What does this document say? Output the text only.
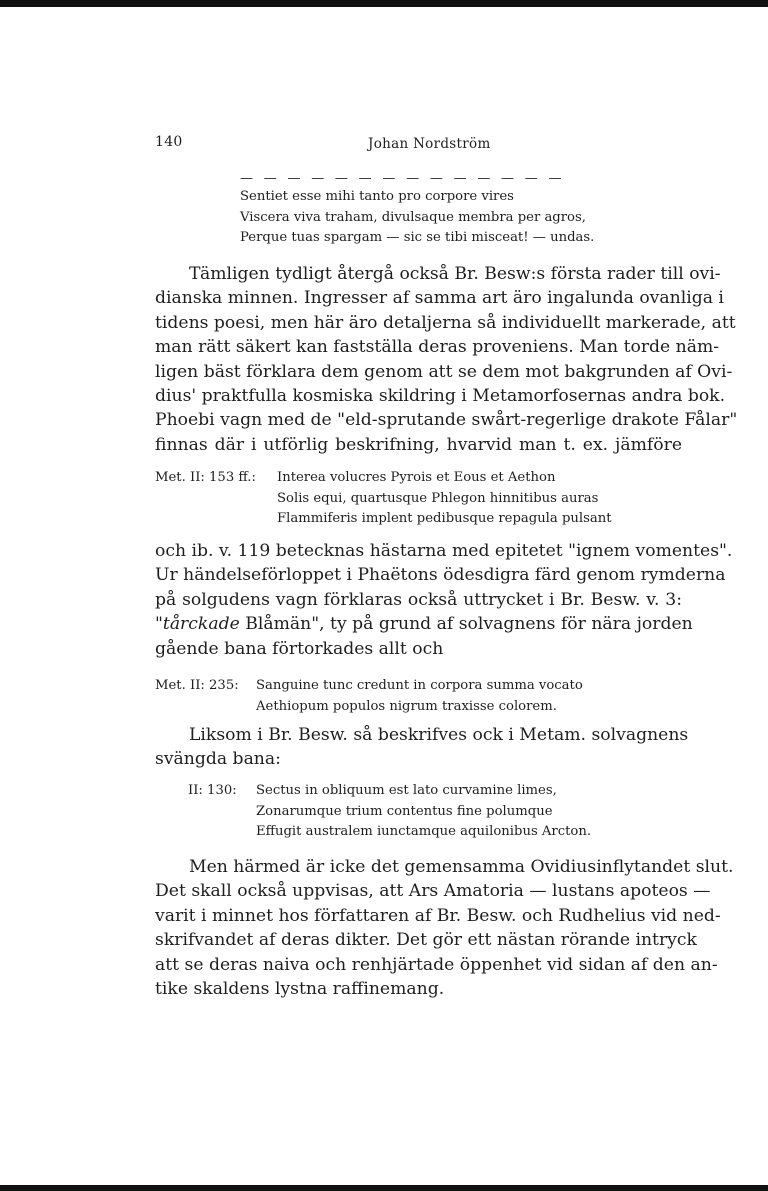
140	Johan Nordström
— — — — — — — — — — — — — —
Sentiet esse mihi tanto pro corpore vires
Viscera viva traham, divulsaque membra per agros,
Perque tuas spargam — sic se tibi misceat! — undas.
Tämligen tydligt återgå också Br. Besw:s första rader till ovi-
dianska minnen. Ingresser af samma art äro ingalunda ovanliga i
tidens poesi, men här äro detaljerna så individuellt markerade, att
man rätt säkert kan fastställa deras proveniens. Man torde näm-
ligen bäst förklara dem genom att se dem mot bakgrunden af Ovi-
dius' praktfulla kosmiska skildring i Metamorfosernas andra bok.
Phoebi vagn med de "eld-sprutande swårt-regerlige drakote Fålar"
finnas där i utförlig beskrifning, hvarvid man t. ex. jämföre
Met. II: 153 ff.:	Interea volucres Pyrois et Eous et Aethon
Solis equi, quartusque Phlegon hinnitibus auras
Flammiferis implent pedibusque repagula pulsant
och ib. v. 119 betecknas hästarna med epitetet "ignem vomentes".
Ur händelseförloppet i Phaëtons ödesdigra färd genom rymderna
på solgudens vagn förklaras också uttrycket i Br. Besw. v. 3:
"tårckade Blåmän", ty på grund af solvagnens för nära jorden
gående bana förtorkades allt och
Met. II: 235:	Sanguine tunc credunt in corpora summa vocato
Aethiopum populos nigrum traxisse colorem.
Liksom i Br. Besw. så beskrifves ock i Metam. solvagnens
svängda bana:
II: 130:	Sectus in obliquum est lato curvamine limes,
Zonarumque trium contentus fine polumque
Effugit australem iunctamque aquilonibus Arcton.
Men härmed är icke det gemensamma Ovidiusinflytandet slut.
Det skall också uppvisas, att Ars Amatoria — lustans apoteos —
varit i minnet hos författaren af Br. Besw. och Rudhelius vid ned-
skrifvandet af deras dikter. Det gör ett nästan rörande intryck
att se deras naiva och renhjärtade öppenhet vid sidan af den an-
tike skaldens lystna raffinemang.
